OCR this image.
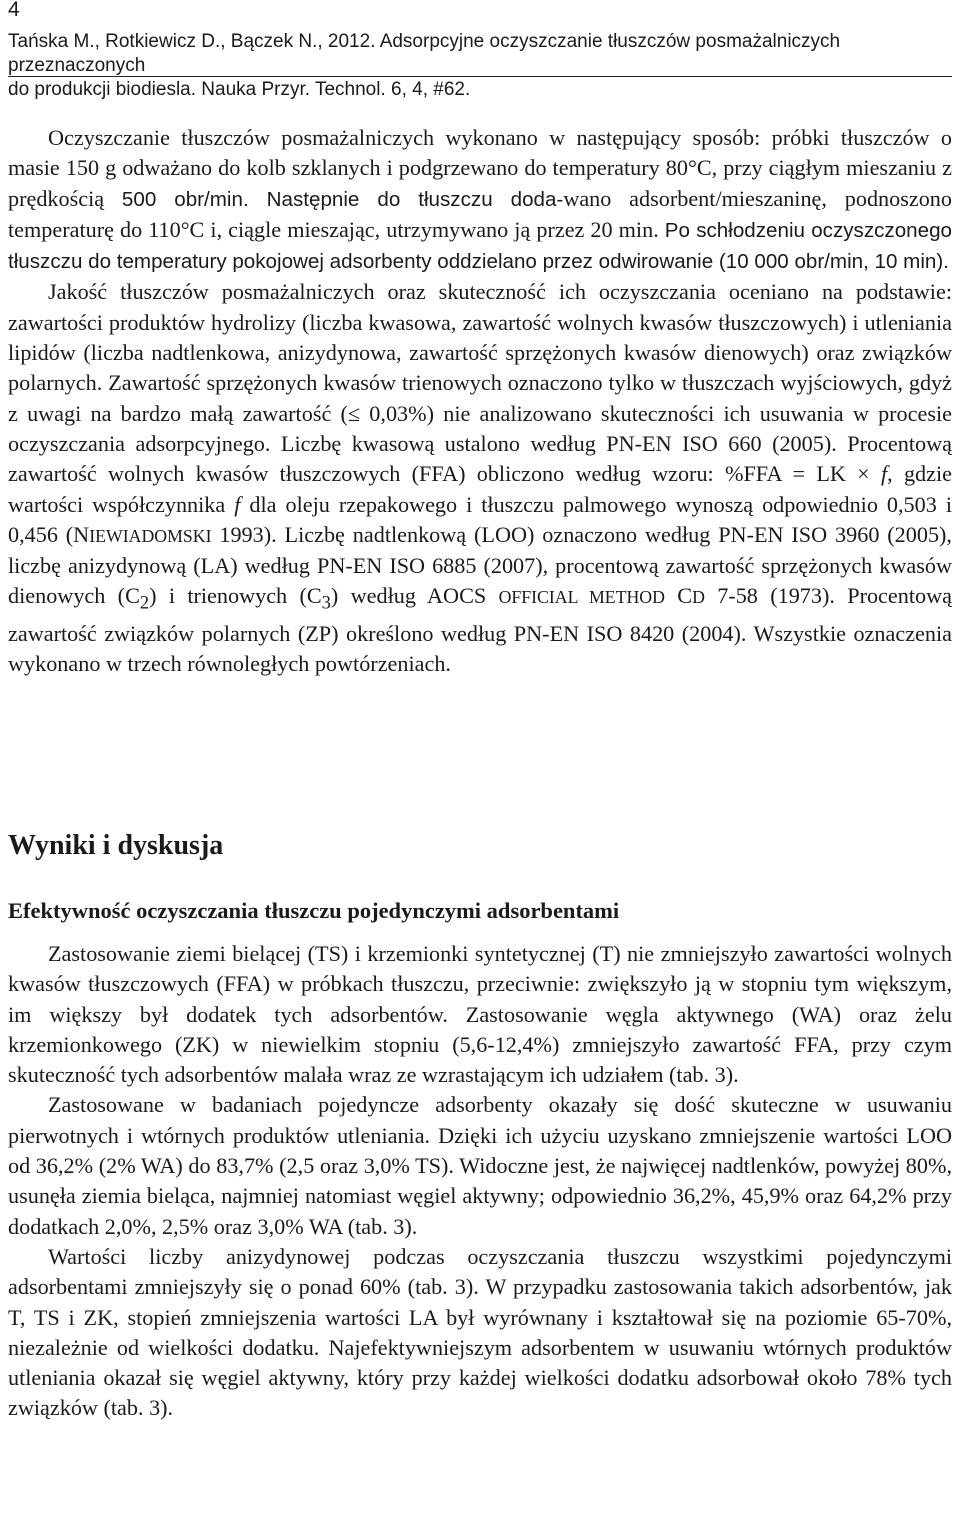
4
Tańska M., Rotkiewicz D., Bączek N., 2012. Adsorpcyjne oczyszczanie tłuszczów posmażalniczych przeznaczonych
do produkcji biodiesla. Nauka Przyr. Technol. 6, 4, #62.

Oczyszczanie tłuszczów posmażalniczych wykonano w następujący sposób: próbki tłuszczów o masie 150 g odważano do kolb szklanych i podgrzewano do temperatury 80°C, przy ciągłym mieszaniu z prędkością 500 obr/min. Następnie do tłuszczu doda-wano adsorbent/mieszaninę, podnoszono temperaturę do 110°C i, ciągle mieszając, utrzymywano ją przez 20 min. Po schłodzeniu oczyszczonego tłuszczu do temperatury pokojowej adsorbenty oddzielano przez odwirowanie (10 000 obr/min, 10 min).

Jakość tłuszczów posmażalniczych oraz skuteczność ich oczyszczania oceniano na podstawie: zawartości produktów hydrolizy (liczba kwasowa, zawartość wolnych kwasów tłuszczowych) i utleniania lipidów (liczba nadtlenkowa, anizydynowa, zawartość sprzężonych kwasów dienowych) oraz związków polarnych. Zawartość sprzężonych kwasów trienowych oznaczono tylko w tłuszczach wyjściowych, gdyż z uwagi na bardzo małą zawartość (≤ 0,03%) nie analizowano skuteczności ich usuwania w procesie oczyszczania adsorpcyjnego. Liczbę kwasową ustalono według PN-EN ISO 660 (2005). Procentową zawartość wolnych kwasów tłuszczowych (FFA) obliczono według wzoru: %FFA = LK × f, gdzie wartości współczynnika f dla oleju rzepakowego i tłuszczu palmowego wynoszą odpowiednio 0,503 i 0,456 (NIEWIADOMSKI 1993). Liczbę nadtlenkową (LOO) oznaczono według PN-EN ISO 3960 (2005), liczbę anizydynową (LA) według PN-EN ISO 6885 (2007), procentową zawartość sprzężonych kwasów dienowych $(C_2)$ i trienowych $(C_3)$ według AOCS OFFICIAL METHOD CD 7-58 (1973). Procentową zawartość związków polarnych (ZP) określono według PN-EN ISO 8420 (2004). Wszystkie oznaczenia wykonano w trzech równoległych powtórzeniach.

Wyniki i dyskusja
Efektywność oczyszczania tłuszczu pojedynczymi adsorbentami

Zastosowanie ziemi bielącej (TS) i krzemionki syntetycznej (T) nie zmniejszyło zawartości wolnych kwasów tłuszczowych (FFA) w próbkach tłuszczu, przeciwnie: zwiększyło ją w stopniu tym większym, im większy był dodatek tych adsorbentów. Zastosowanie węgla aktywnego (WA) oraz żelu krzemionkowego (ZK) w niewielkim stopniu (5,6-12,4%) zmniejszyło zawartość FFA, przy czym skuteczność tych adsorbentów malała wraz ze wzrastającym ich udziałem (tab. 3).

Zastosowane w badaniach pojedyncze adsorbenty okazały się dość skuteczne w usuwaniu pierwotnych i wtórnych produktów utleniania. Dzięki ich użyciu uzyskano zmniejszenie wartości LOO od 36,2% (2% WA) do 83,7% (2,5 oraz 3,0% TS). Widoczne jest, że najwięcej nadtlenków, powyżej 80%, usunęła ziemia bieląca, najmniej natomiast węgiel aktywny; odpowiednio 36,2%, 45,9% oraz 64,2% przy dodatkach 2,0%, 2,5% oraz 3,0% WA (tab. 3).

Wartości liczby anizydynowej podczas oczyszczania tłuszczu wszystkimi pojedynczymi adsorbentami zmniejszyły się o ponad 60% (tab. 3). W przypadku zastosowania takich adsorbentów, jak T, TS i ZK, stopień zmniejszenia wartości LA był wyrównany i kształtował się na poziomie 65-70%, niezależnie od wielkości dodatku. Najefektywniejszym adsorbentem w usuwaniu wtórnych produktów utleniania okazał się węgiel aktywny, który przy każdej wielkości dodatku adsorbował około 78% tych związków (tab. 3).
